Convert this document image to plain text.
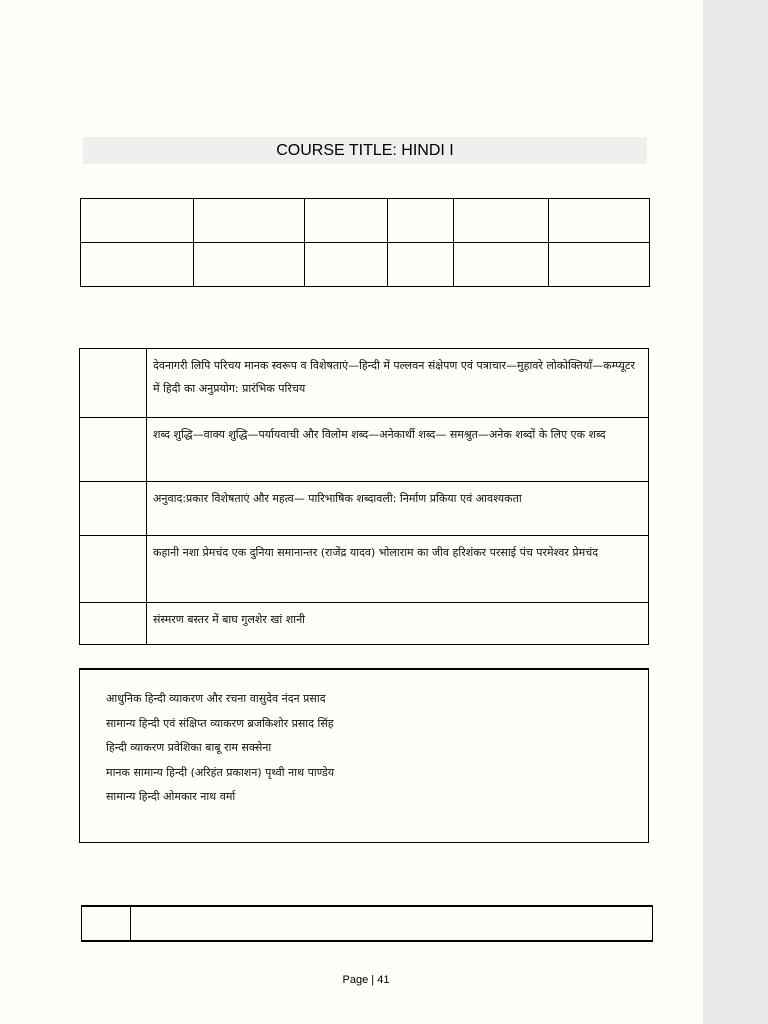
COURSE TITLE: HINDI I

	देवनागरी लिपि परिचय मानक स्वरूप व विशेषताएं—हिन्दी में पल्लवन संक्षेपण एवं पत्राचार—मुहावरे लोकोक्तियाँ—कम्प्यूटर में हिदी का अनुप्रयोग: प्रारंभिक परिचय
	शब्द शुद्धि—वाक्य शुद्धि—पर्यायवाची और विलोम शब्द—अनेकार्थी शब्द— समश्रुत—अनेक शब्दों के लिए एक शब्द
	अनुवाद:प्रकार विशेषताएं और महत्व— पारिभाषिक शब्दावली: निर्माण प्रकिया एवं आवश्यकता
	कहानी नशा प्रेमचंद एक दुनिया समानान्तर (राजेंद्र यादव) भोलाराम का जीव हरिशंकर परसाई पंच परमेश्वर प्रेमचंद
	संस्मरण बस्तर में बाघ गुलशेर खां शानी
आधुनिक हिन्दी व्याकरण और रचना वासुदेव नंदन प्रसाद
सामान्य हिन्दी एवं संक्षिप्त व्याकरण ब्रजकिशोर प्रसाद सिंह
हिन्दी व्याकरण प्रवेशिका बाबू राम सक्सेना
मानक सामान्य हिन्दी (अरिहंत प्रकाशन) पृथ्वी नाथ पाण्डेय
सामान्य हिन्दी ओमकार नाथ वर्मा

Page | 41
